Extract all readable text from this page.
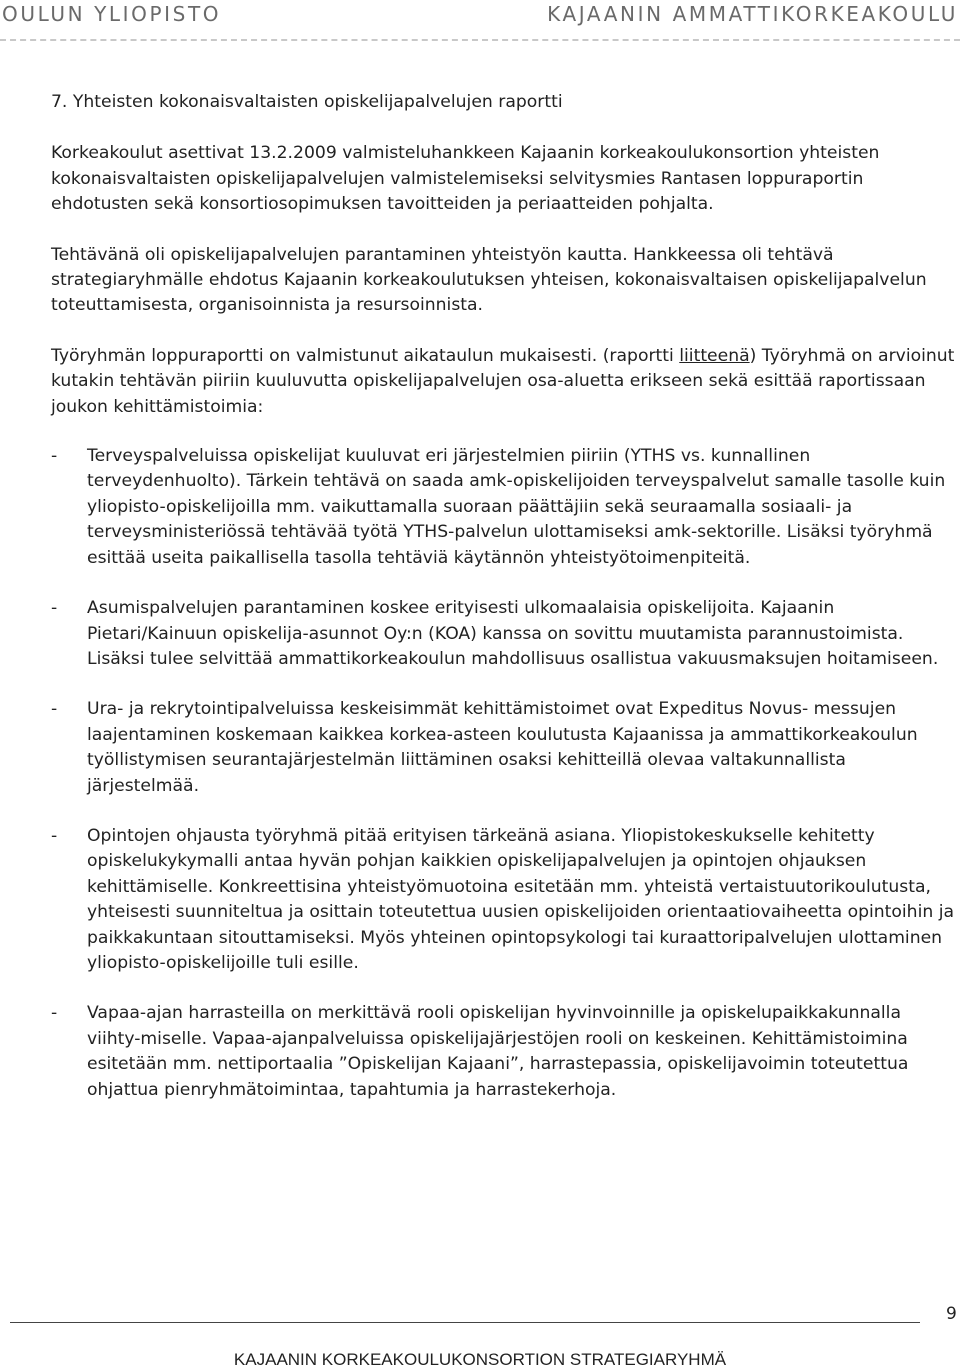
OULUN YLIOPISTO	KAJAANIN AMMATTIKORKEAKOULU

7. Yhteisten kokonaisvaltaisten opiskelijapalvelujen raportti

Korkeakoulut asettivat 13.2.2009 valmisteluhankkeen Kajaanin korkeakoulukonsortion yhteisten kokonaisvaltaisten opiskelijapalvelujen valmistelemiseksi selvitysmies Rantasen loppuraportin ehdotusten sekä konsortiosopimuksen tavoitteiden ja periaatteiden pohjalta.

Tehtävänä oli opiskelijapalvelujen parantaminen yhteistyön kautta. Hankkeessa oli tehtävä strategiaryhmälle ehdotus Kajaanin korkeakoulutuksen yhteisen, kokonaisvaltaisen opiskelijapalvelun toteuttamisesta, organisoinnista ja resursoinnista.

Työryhmän loppuraportti on valmistunut aikataulun mukaisesti. (raportti liitteenä) Työryhmä on arvioinut kutakin tehtävän piiriin kuuluvutta opiskelijapalvelujen osa-aluetta erikseen sekä esittää raportissaan joukon kehittämistoimia:

- Terveyspalveluissa opiskelijat kuuluvat eri järjestelmien piiriin (YTHS vs. kunnallinen terveydenhuolto). Tärkein tehtävä on saada amk-opiskelijoiden terveyspalvelut samalle tasolle kuin yliopisto-opiskelijoilla mm. vaikuttamalla suoraan päättäjiin sekä seuraamalla sosiaali- ja terveysministeriössä tehtävää työtä YTHS-palvelun ulottamiseksi amk-sektorille. Lisäksi työryhmä esittää useita paikallisella tasolla tehtäviä käytännön yhteistyötoimenpiteitä.
- Asumispalvelujen parantaminen koskee erityisesti ulkomaalaisia opiskelijoita. Kajaanin Pietari/Kainuun opiskelija-asunnot Oy:n (KOA) kanssa on sovittu muutamista parannustoimista. Lisäksi tulee selvittää ammattikorkeakoulun mahdollisuus osallistua vakuusmaksujen hoitamiseen.
- Ura- ja rekrytointipalveluissa keskeisimmät kehittämistoimet ovat Expeditus Novus- messujen laajentaminen koskemaan kaikkea korkea-asteen koulutusta Kajaanissa ja ammattikorkeakoulun työllistymisen seurantajärjestelmän liittäminen osaksi kehitteillä olevaa valtakunnallista järjestelmää.
- Opintojen ohjausta työryhmä pitää erityisen tärkeänä asiana. Yliopistokeskukselle kehitetty opiskelukykymalli antaa hyvän pohjan kaikkien opiskelijapalvelujen ja opintojen ohjauksen kehittämiselle. Konkreettisina yhteistyömuotoina esitetään mm. yhteistä vertaistuutorikoulutusta, yhteisesti suunniteltua ja osittain toteutettua uusien opiskelijoiden orientaatiovaiheetta opintoihin ja paikkakuntaan sitouttamiseksi. Myös yhteinen opintopsykologi tai kuraattoripalvelujen ulottaminen yliopisto-opiskelijoille tuli esille.
- Vapaa-ajan harrasteilla on merkittävä rooli opiskelijan hyvinvoinnille ja opiskelupaikkakunnalla viihty-miselle. Vapaa-ajanpalveluissa opiskelijajärjestöjen rooli on keskeinen. Kehittämistoimina esitetään mm. nettiportaalia ”Opiskelijan Kajaani”, harrastepassia, opiskelijavoimin toteutettua ohjattua pienryhmätoimintaa, tapahtumia ja harrastekerhoja.
9
KAJAANIN KORKEAKOULUKONSORTION STRATEGIARYHMÄ
